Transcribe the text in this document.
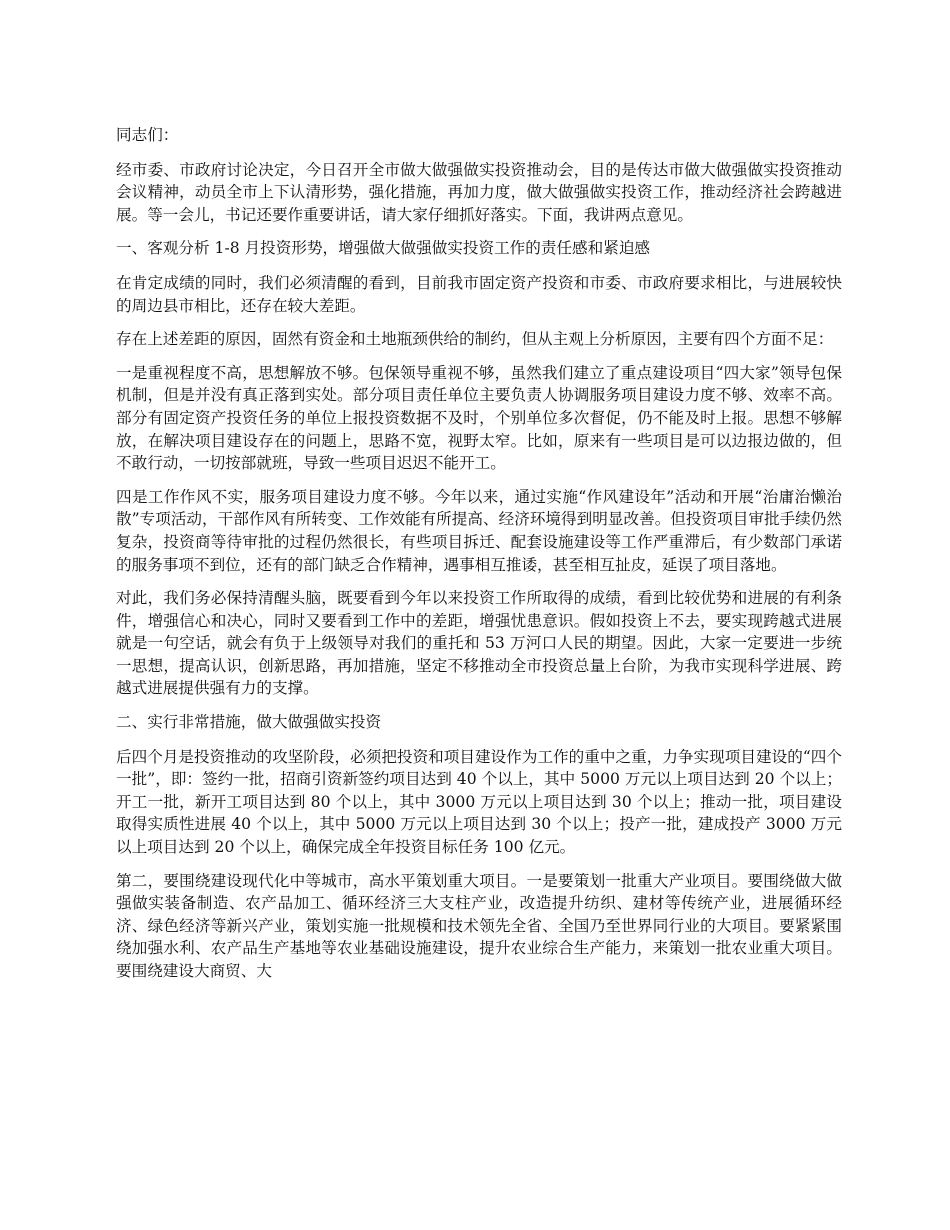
同志们：

经市委、市政府讨论决定，今日召开全市做大做强做实投资推动会，目的是传达市做大做强做实投资推动会议精神，动员全市上下认清形势，强化措施，再加力度，做大做强做实投资工作，推动经济社会跨越进展。等一会儿，书记还要作重要讲话，请大家仔细抓好落实。下面，我讲两点意见。

一、客观分析 1-8 月投资形势，增强做大做强做实投资工作的责任感和紧迫感

在肯定成绩的同时，我们必须清醒的看到，目前我市固定资产投资和市委、市政府要求相比，与进展较快的周边县市相比，还存在较大差距。

存在上述差距的原因，固然有资金和土地瓶颈供给的制约，但从主观上分析原因，主要有四个方面不足：

一是重视程度不高，思想解放不够。包保领导重视不够，虽然我们建立了重点建设项目“四大家”领导包保机制，但是并没有真正落到实处。部分项目责任单位主要负责人协调服务项目建设力度不够、效率不高。部分有固定资产投资任务的单位上报投资数据不及时，个别单位多次督促，仍不能及时上报。思想不够解放，在解决项目建设存在的问题上，思路不宽，视野太窄。比如，原来有一些项目是可以边报边做的，但不敢行动，一切按部就班，导致一些项目迟迟不能开工。

四是工作作风不实，服务项目建设力度不够。今年以来，通过实施“作风建设年”活动和开展“治庸治懒治散”专项活动，干部作风有所转变、工作效能有所提高、经济环境得到明显改善。但投资项目审批手续仍然复杂，投资商等待审批的过程仍然很长，有些项目拆迁、配套设施建设等工作严重滞后，有少数部门承诺的服务事项不到位，还有的部门缺乏合作精神，遇事相互推诿，甚至相互扯皮，延误了项目落地。

对此，我们务必保持清醒头脑，既要看到今年以来投资工作所取得的成绩，看到比较优势和进展的有利条件，增强信心和决心，同时又要看到工作中的差距，增强忧患意识。假如投资上不去，要实现跨越式进展就是一句空话，就会有负于上级领导对我们的重托和 53 万河口人民的期望。因此，大家一定要进一步统一思想，提高认识，创新思路，再加措施，坚定不移推动全市投资总量上台阶，为我市实现科学进展、跨越式进展提供强有力的支撑。

二、实行非常措施，做大做强做实投资

后四个月是投资推动的攻坚阶段，必须把投资和项目建设作为工作的重中之重，力争实现项目建设的“四个一批”，即：签约一批，招商引资新签约项目达到 40 个以上，其中 5000 万元以上项目达到 20 个以上；开工一批，新开工项目达到 80 个以上，其中 3000 万元以上项目达到 30 个以上；推动一批，项目建设取得实质性进展 40 个以上，其中 5000 万元以上项目达到 30 个以上；投产一批，建成投产 3000 万元以上项目达到 20 个以上，确保完成全年投资目标任务 100 亿元。

第二，要围绕建设现代化中等城市，高水平策划重大项目。一是要策划一批重大产业项目。要围绕做大做强做实装备制造、农产品加工、循环经济三大支柱产业，改造提升纺织、建材等传统产业，进展循环经济、绿色经济等新兴产业，策划实施一批规模和技术领先全省、全国乃至世界同行业的大项目。要紧紧围绕加强水利、农产品生产基地等农业基础设施建设，提升农业综合生产能力，来策划一批农业重大项目。要围绕建设大商贸、大
